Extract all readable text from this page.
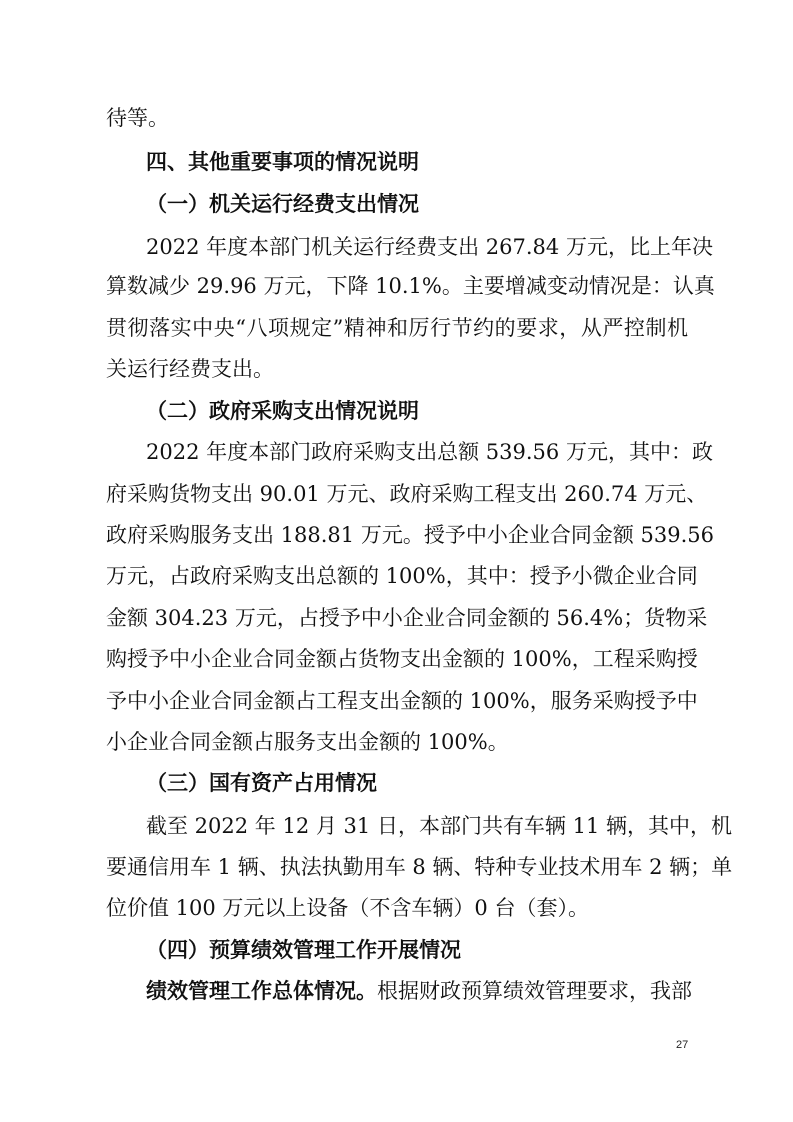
待等。
四、其他重要事项的情况说明
（一）机关运行经费支出情况
2022 年度本部门机关运行经费支出 267.84 万元，比上年决
算数减少 29.96 万元，下降 10.1%。主要增减变动情况是：认真
贯彻落实中央“八项规定”精神和厉行节约的要求，从严控制机
关运行经费支出。
（二）政府采购支出情况说明
2022 年度本部门政府采购支出总额 539.56 万元，其中：政
府采购货物支出 90.01 万元、政府采购工程支出 260.74 万元、
政府采购服务支出 188.81 万元。授予中小企业合同金额 539.56
万元，占政府采购支出总额的 100%，其中：授予小微企业合同
金额 304.23 万元，占授予中小企业合同金额的 56.4%；货物采
购授予中小企业合同金额占货物支出金额的 100%，工程采购授
予中小企业合同金额占工程支出金额的 100%，服务采购授予中
小企业合同金额占服务支出金额的 100%。
（三）国有资产占用情况
截至 2022 年 12 月 31 日，本部门共有车辆 11 辆，其中，机
要通信用车 1 辆、执法执勤用车 8 辆、特种专业技术用车 2 辆；单
位价值 100 万元以上设备（不含车辆）0 台（套）。
（四）预算绩效管理工作开展情况
绩效管理工作总体情况。根据财政预算绩效管理要求，我部
27
